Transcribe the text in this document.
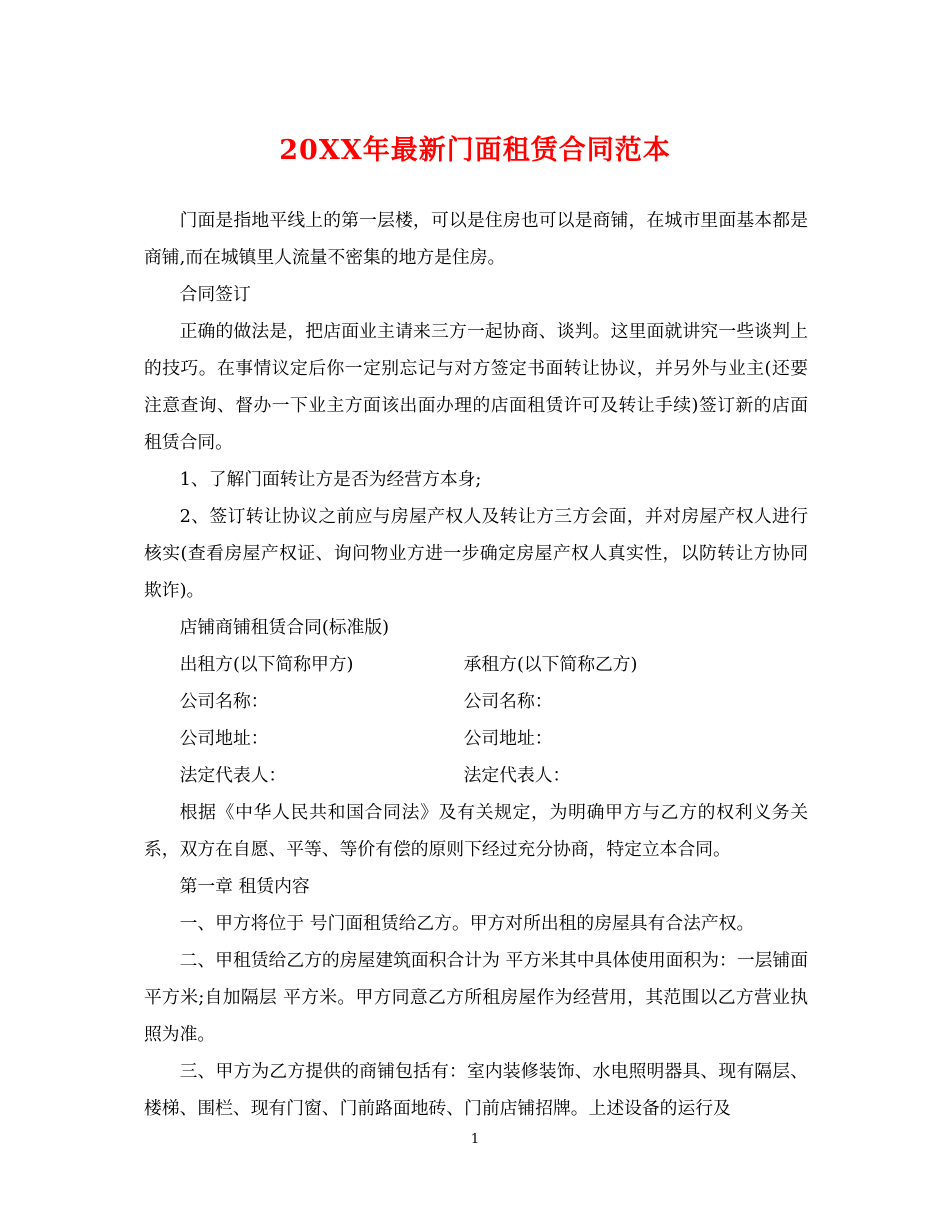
20XX年最新门面租赁合同范本

门面是指地平线上的第一层楼，可以是住房也可以是商铺，在城市里面基本都是商铺,而在城镇里人流量不密集的地方是住房。

合同签订

正确的做法是，把店面业主请来三方一起协商、谈判。这里面就讲究一些谈判上的技巧。在事情议定后你一定别忘记与对方签定书面转让协议，并另外与业主(还要注意查询、督办一下业主方面该出面办理的店面租赁许可及转让手续)签订新的店面租赁合同。

1、了解门面转让方是否为经营方本身;

2、签订转让协议之前应与房屋产权人及转让方三方会面，并对房屋产权人进行核实(查看房屋产权证、询问物业方进一步确定房屋产权人真实性，以防转让方协同欺诈)。

店铺商铺租赁合同(标准版)

出租方(以下简称甲方)	承租方(以下简称乙方)
公司名称：	公司名称：
公司地址：	公司地址：
法定代表人：	法定代表人：

根据《中华人民共和国合同法》及有关规定，为明确甲方与乙方的权利义务关系，双方在自愿、平等、等价有偿的原则下经过充分协商，特定立本合同。

第一章 租赁内容

一、甲方将位于 号门面租赁给乙方。甲方对所出租的房屋具有合法产权。

二、甲租赁给乙方的房屋建筑面积合计为 平方米其中具体使用面积为：一层铺面 平方米;自加隔层 平方米。甲方同意乙方所租房屋作为经营用，其范围以乙方营业执照为准。

三、甲方为乙方提供的商铺包括有：室内装修装饰、水电照明器具、现有隔层、楼梯、围栏、现有门窗、门前路面地砖、门前店铺招牌。上述设备的运行及

1
